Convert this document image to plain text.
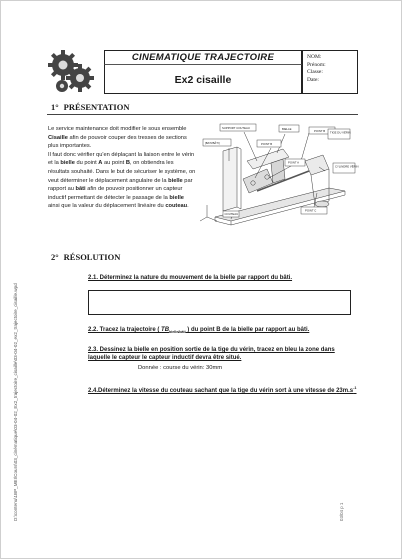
CINEMATIQUE TRAJECTOIRE
Ex2 cisaille
NOM:
Prénom:
Classe:
Date:
1° PRÉSENTATION
Le service maintenance doit modifier le sous ensemble Cisaille afin de pouvoir couper des tresses de sections plus importantes.
Il faut donc vérifier qu'en déplaçant la liaison entre le vérin et la bielle du point A au point B, on obtiendra les résultats souhaité. Dans le but de sécuriser le système, on veut déterminer le déplacement angulaire de la bielle par rapport au bâti afin de pouvoir positionner un capteur inductif permettant de détecter le passage de la bielle ainsi que la valeur du déplacement linéaire du couteau.
SUPPORT COUTEAU	BIELLE
[BATI/BÂTI]	POINT B
POINT B TIGE DU VÉRIN
POINT A
CYLINDRE VÉRIN
POINT C
COUTEAU
2° RÉSOLUTION
2.1. Déterminez la nature du mouvement de la bielle par rapport du bâti.
2.2. Tracez la trajectoire ( $TB_{bielle/bâti}$ ) du point B de la bielle par rapport au bâti.
2.3. Dessinez la bielle en position sortie de la tige du vérin, tracez en bleu la zone dans laquelle le capteur le capteur inductif devra être situé.
Donnée : course du vérin: 30mm
2.4.Déterminez la vitesse du couteau sachant que la tige du vérin sort à une vitesse de $23m.s^{-1}$
D:\contenu\1BP_MEI\Cours\03_cinématique\03-04-02_Ex2_trajectoire_cisaille\03-04-02_ex2_trajectoire_cisaille.wpd	03/04 p 1
